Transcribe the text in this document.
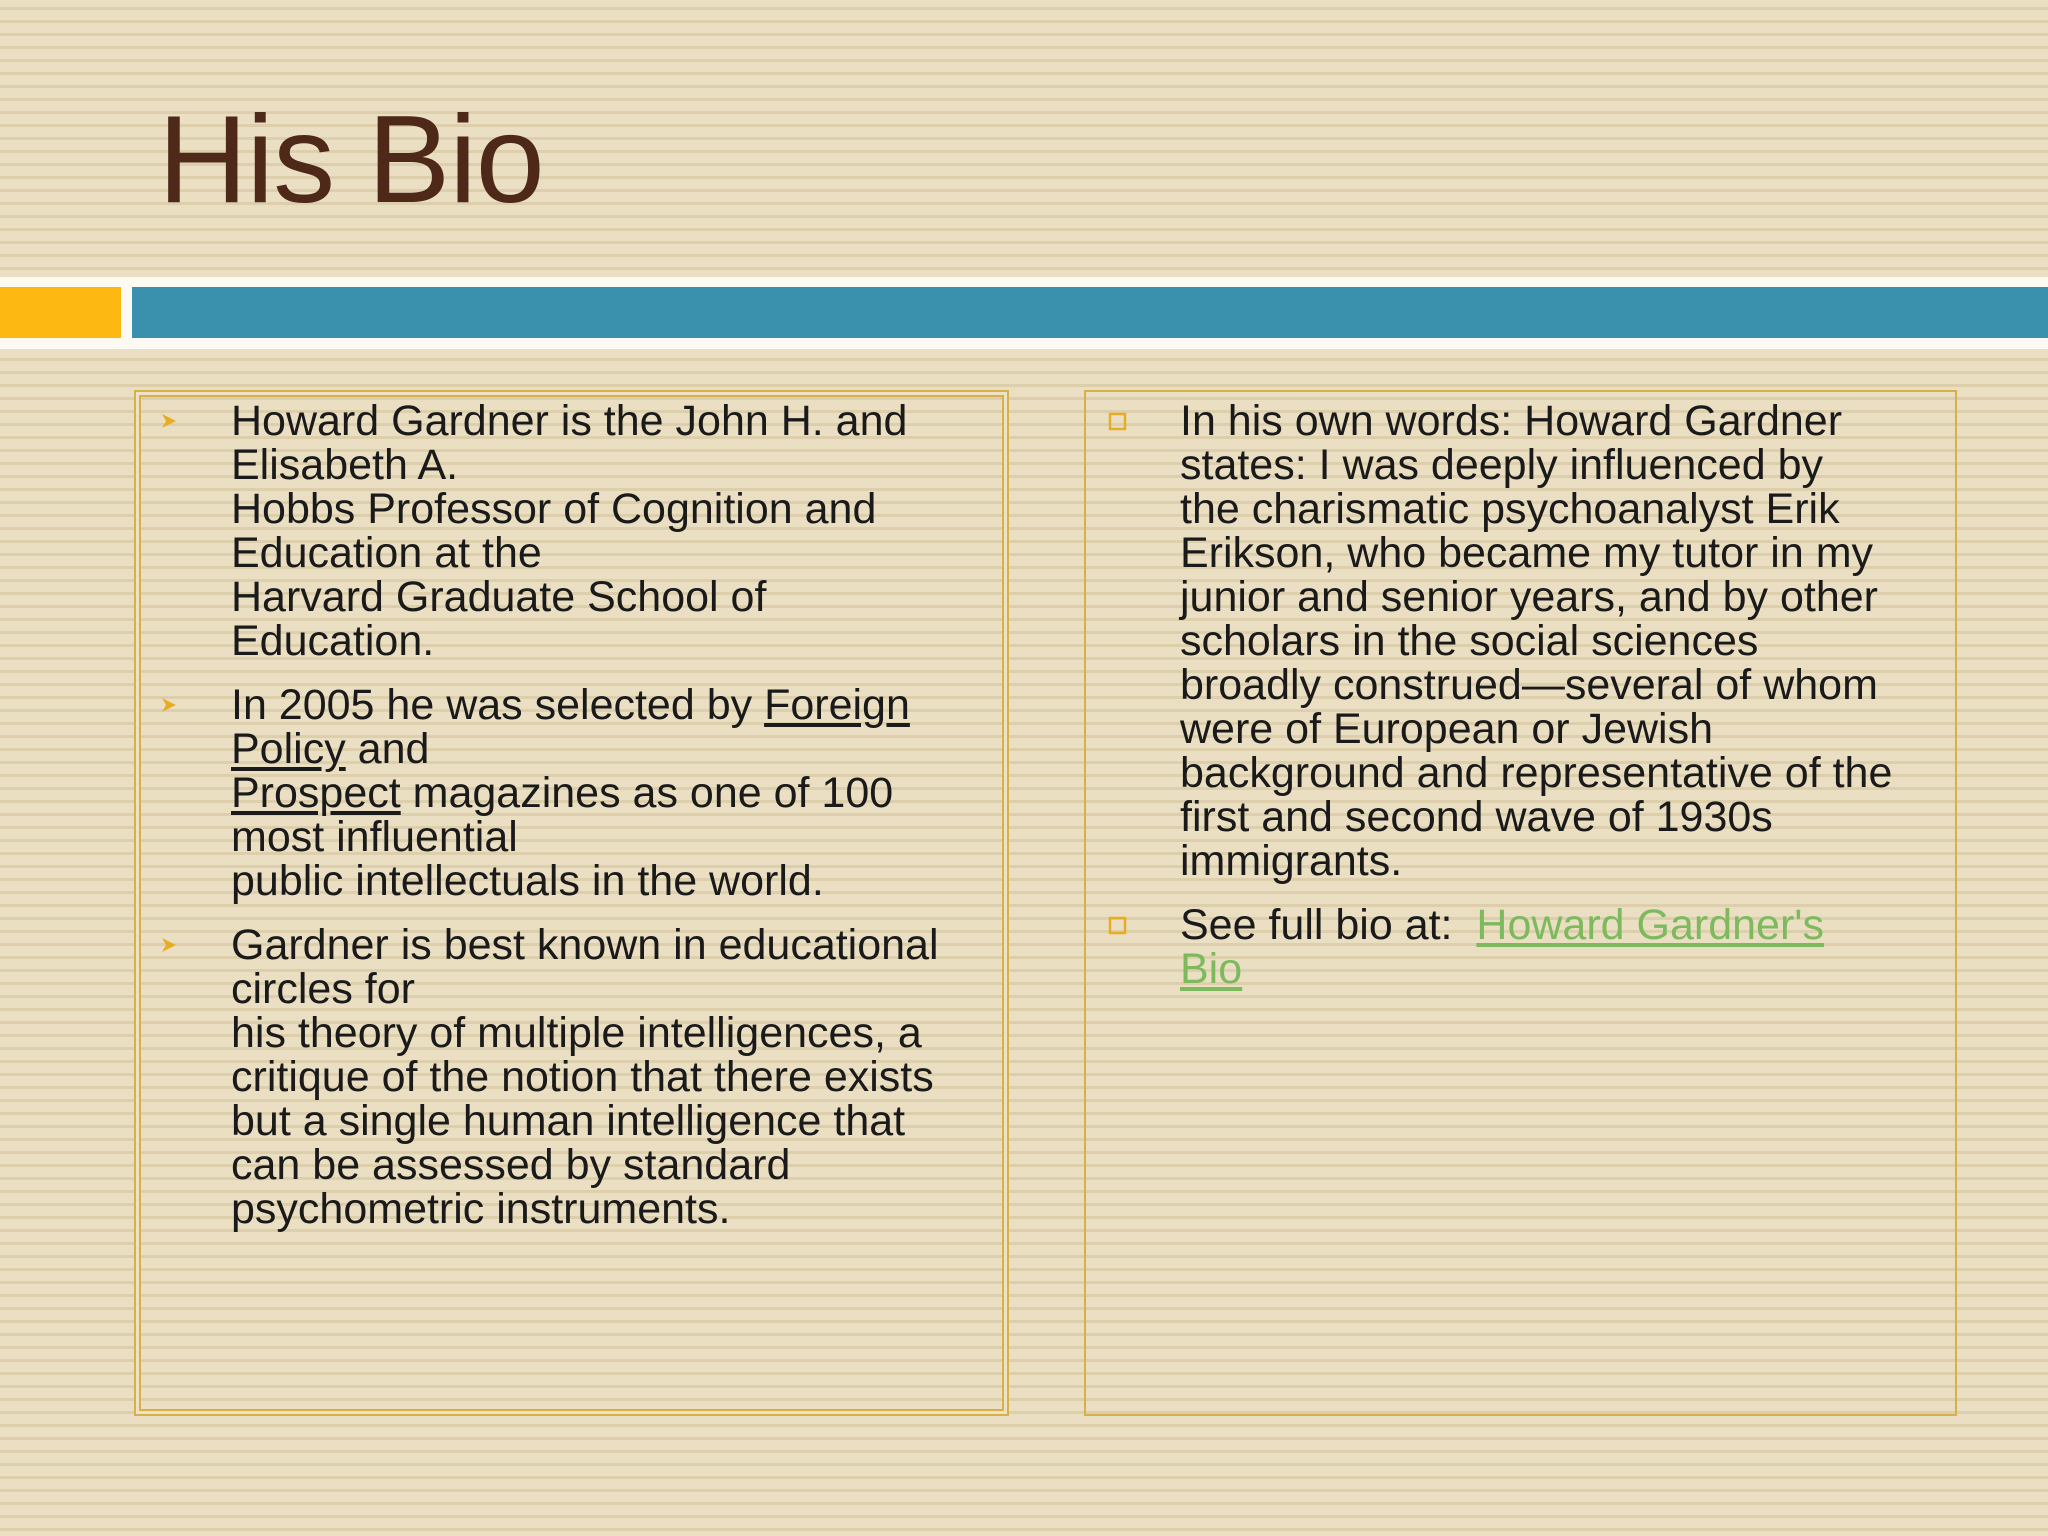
His Bio
Howard Gardner is the John H. and
Elisabeth A.
Hobbs Professor of Cognition and
Education at the
Harvard Graduate School of
Education.
In 2005 he was selected by Foreign
Policy and
Prospect magazines as one of 100
most influential
public intellectuals in the world.
Gardner is best known in educational
circles for
his theory of multiple intelligences, a
critique of the notion that there exists
but a single human intelligence that
can be assessed by standard
psychometric instruments.
In his own words: Howard Gardner
states: I was deeply influenced by
the charismatic psychoanalyst Erik
Erikson, who became my tutor in my
junior and senior years, and by other
scholars in the social sciences
broadly construed—several of whom
were of European or Jewish
background and representative of the
first and second wave of 1930s
immigrants.
See full bio at:  Howard Gardner's
Bio
